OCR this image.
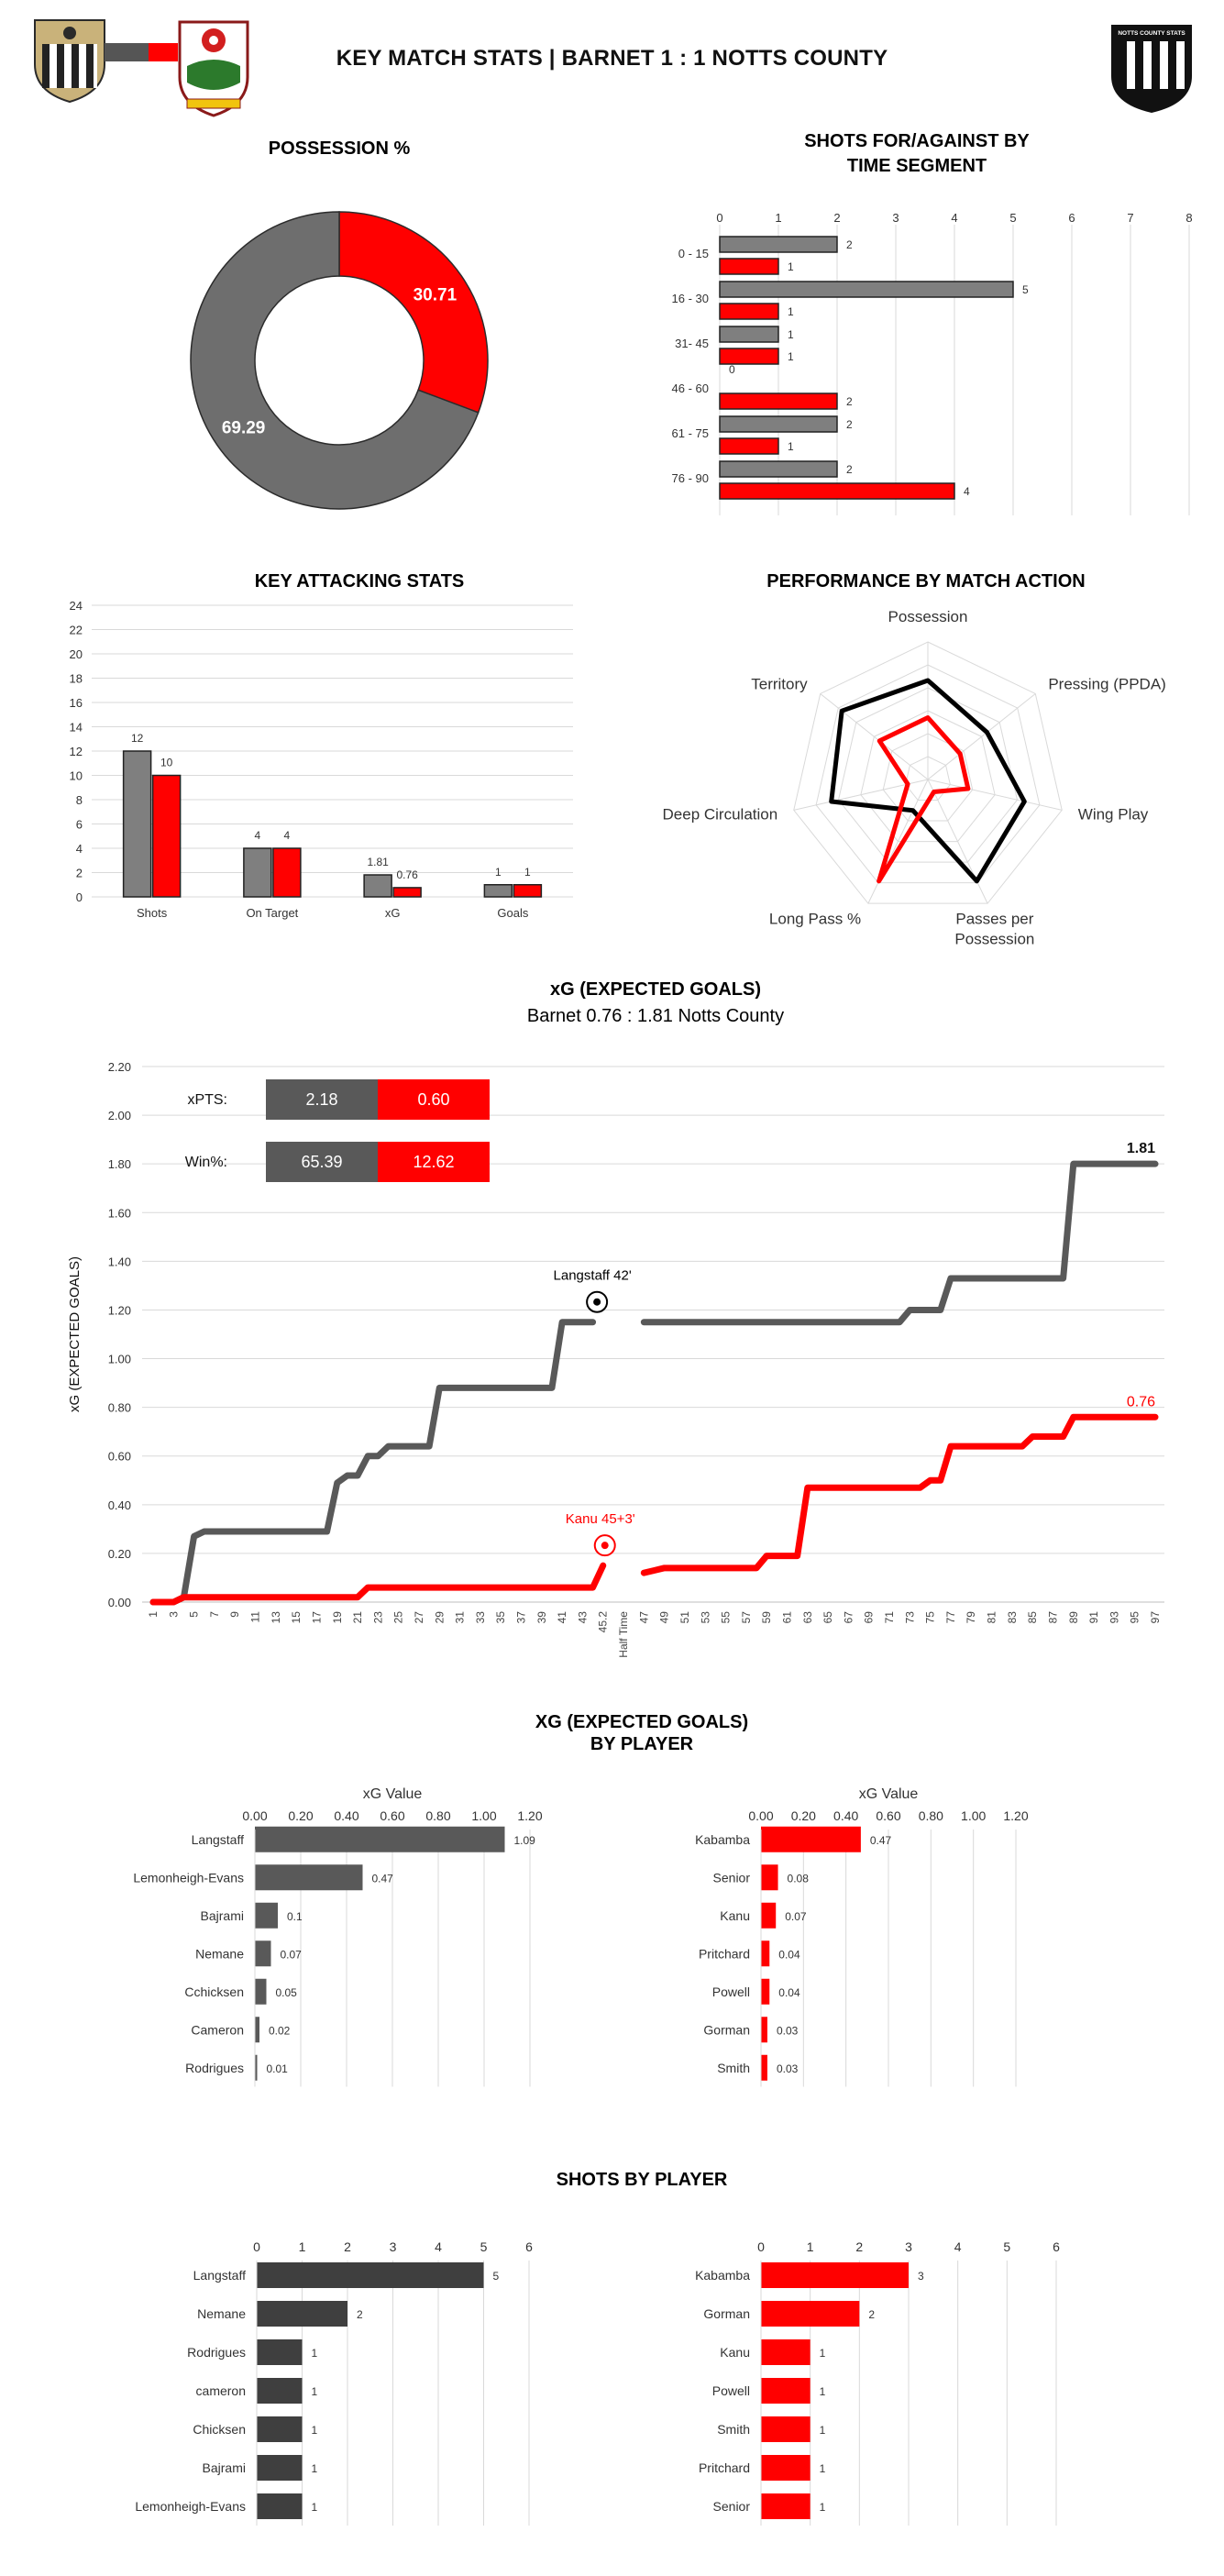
KEY MATCH STATS | BARNET 1 : 1 NOTTS COUNTY
NOTTS COUNTY STATS
POSSESSION %
30.71
69.29
SHOTS FOR/AGAINST BY TIME SEGMENT
0	1	2	3	4	5	6	7	8
0 - 15
2
1
16 - 30
5
1
31- 45
1
1
46 - 60
0
2
61 - 75
2
1
76 - 90
2
4
KEY ATTACKING STATS
0
2
4
6
8
10
12
14
16
18
20
22
24
Shots
12
10
On Target
4 4
xG
1.81
0.76
Goals
1 1
PERFORMANCE BY MATCH ACTION
Possession
Pressing (PPDA)
Wing Play
Passes per Possession
Long Pass %
Deep Circulation
Territory
xG (EXPECTED GOALS)
Barnet 0.76 : 1.81 Notts County
0.00
0.20
0.40
0.60
0.80
1.00
1.20
1.40
1.60
1.80
2.00
2.20
xG (EXPECTED GOALS)
1 3 5 7 9 11 13 15 17 19 21 23 25 27 29 31 33 35 37 39 41 43 45.2 Half Time 47 49 51 53 55 57 59 61 63 65 67 69 71 73 75 77 79 81 83 85 87 89 91 93 95 97
1.81
0.76
Langstaff 42'
Kanu 45+3'
xPTS:	2.18	0.60
Win%:	65.39	12.62
XG (EXPECTED GOALS) BY PLAYER
xG Value
0.00 0.20 0.40 0.60 0.80 1.00 1.20
Langstaff	1.09
Lemonheigh-Evans	0.47
Bajrami	0.1
Nemane	0.07
Cchicksen	0.05
Cameron 0.02
Rodrigues 0.01
xG Value
0.00 0.20 0.40 0.60 0.80 1.00 1.20
Kabamba	0.47
Senior	0.08
Kanu	0.07
Pritchard	0.04
Powell	0.04
Gorman 0.03
Smith 0.03
SHOTS BY PLAYER
0	1	2	3	4	5	6
Langstaff	5
Nemane	2
Rodrigues	1
cameron	1
Chicksen	1
Bajrami	1
Lemonheigh-Evans	1
0	1	2	3	4	5	6
Kabamba	3
Gorman	2
Kanu	1
Powell	1
Smith	1
Pritchard	1
Senior	1
